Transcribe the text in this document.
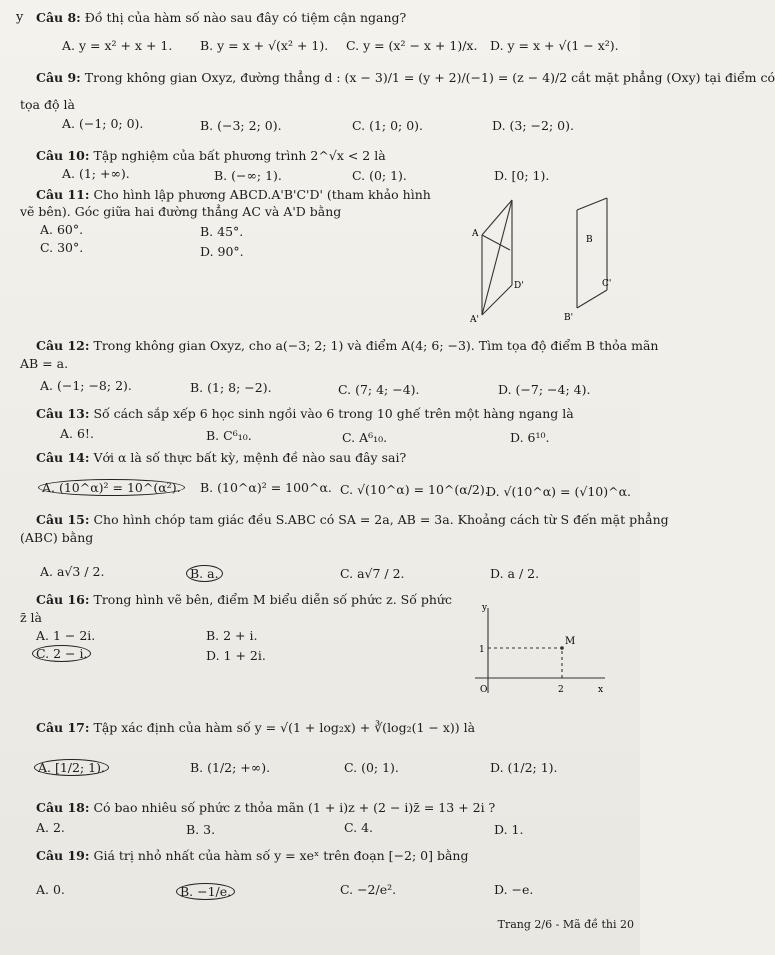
y Câu 8: Đồ thị của hàm số nào sau đây có tiệm cận ngang?
A. y = x² + x + 1. B. y = x + √(x² + 1). C. y = (x² − x + 1)/x. D. y = x + √(1 − x²).
Câu 9: Trong không gian Oxyz, đường thẳng d : (x − 3)/1 = (y + 2)/(−1) = (z − 4)/2 cắt mặt phẳng (Oxy) tại điểm có
tọa độ là
A. (−1; 0; 0).	B. (−3; 2; 0).	C. (1; 0; 0).	D. (3; −2; 0).
Câu 10: Tập nghiệm của bất phương trình 2^√x < 2 là
A. (1; +∞).	B. (−∞; 1).	C. (0; 1).	D. [0; 1).
Câu 11: Cho hình lập phương ABCD.A'B'C'D' (tham khảo hình
vẽ bên). Góc giữa hai đường thẳng AC và A'D bằng
A. 60°.	B. 45°.
C. 30°.	D. 90°.
A
B
A'
D'	C'
B'
Câu 12: Trong không gian Oxyz, cho a(−3; 2; 1) và điểm A(4; 6; −3). Tìm tọa độ điểm B thỏa mãn
AB = a.
A. (−1; −8; 2).	B. (1; 8; −2).	C. (7; 4; −4).	D. (−7; −4; 4).
Câu 13: Số cách sắp xếp 6 học sinh ngồi vào 6 trong 10 ghế trên một hàng ngang là
A. 6!.	B. C⁶₁₀.	C. A⁶₁₀.	D. 6¹⁰.
Câu 14: Với α là số thực bất kỳ, mệnh đề nào sau đây sai?
A. (10^α)² = 10^(α²).	B. (10^α)² = 100^α. C. √(10^α) = 10^(α/2).
D. √(10^α) = (√10)^α.
Câu 15: Cho hình chóp tam giác đều S.ABC có SA = 2a, AB = 3a. Khoảng cách từ S đến mặt phẳng
(ABC) bằng
A. a√3 / 2.	B. a.	C. a√7 / 2.	D. a / 2.
Câu 16: Trong hình vẽ bên, điểm M biểu diễn số phức z. Số phức
z̄ là
A. 1 − 2i.	B. 2 + i.
C. 2 − i.	D. 1 + 2i.
y
x
O
M
2
1
Câu 17: Tập xác định của hàm số y = √(1 + log₂x) + ∛(log₂(1 − x)) là
A. [1/2; 1).	B. (1/2; +∞).	C. (0; 1).	D. (1/2; 1).
Câu 18: Có bao nhiêu số phức z thỏa mãn (1 + i)z + (2 − i)z̄ = 13 + 2i ?
A. 2.	B. 3.	C. 4.	D. 1.
Câu 19: Giá trị nhỏ nhất của hàm số y = xeˣ trên đoạn [−2; 0] bằng
A. 0.	B. −1/e.	C. −2/e².	D. −e.
Trang 2/6 - Mã đề thi 20
